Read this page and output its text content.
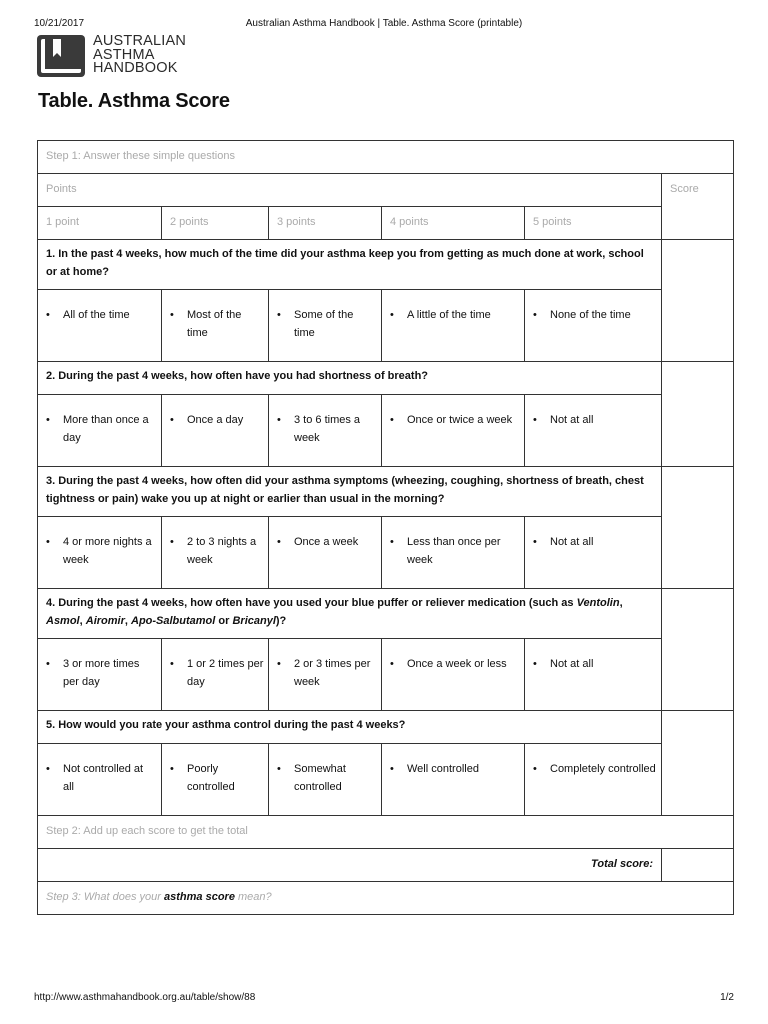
10/21/2017	Australian Asthma Handbook | Table. Asthma Score (printable)
AUSTRALIAN
ASTHMA
HANDBOOK
Table. Asthma Score
Step 1: Answer these simple questions					
Points					Score
1 point	2 points	3 points	4 points	5 points	
1. In the past 4 weeks, how much of the time did your asthma keep you from getting as much done at work, school or at home?					

• All of the time	• Most of the time	• Some of the time	• A little of the time	• None of the time	

2. During the past 4 weeks, how often have you had shortness of breath?					

• More than once a day	• Once a day	• 3 to 6 times a week	• Once or twice a week	• Not at all	

3. During the past 4 weeks, how often did your asthma symptoms (wheezing, coughing, shortness of breath, chest tightness or pain) wake you up at night or earlier than usual in the morning?					

• 4 or more nights a week	• 2 to 3 nights a week	• Once a week	• Less than once per week	• Not at all	

4. During the past 4 weeks, how often have you used your blue puffer or reliever medication (such as Ventolin, Asmol, Airomir, Apo-Salbutamol or Bricanyl)?					

• 3 or more times per day	• 1 or 2 times per day	• 2 or 3 times per week	• Once a week or less	• Not at all	

5. How would you rate your asthma control during the past 4 weeks?					

• Not controlled at all	• Poorly controlled	• Somewhat controlled	• Well controlled	• Completely controlled	

Step 2: Add up each score to get the total					
Total score:					
Step 3: What does your asthma score mean?					
http://www.asthmahandbook.org.au/table/show/88	1/2
